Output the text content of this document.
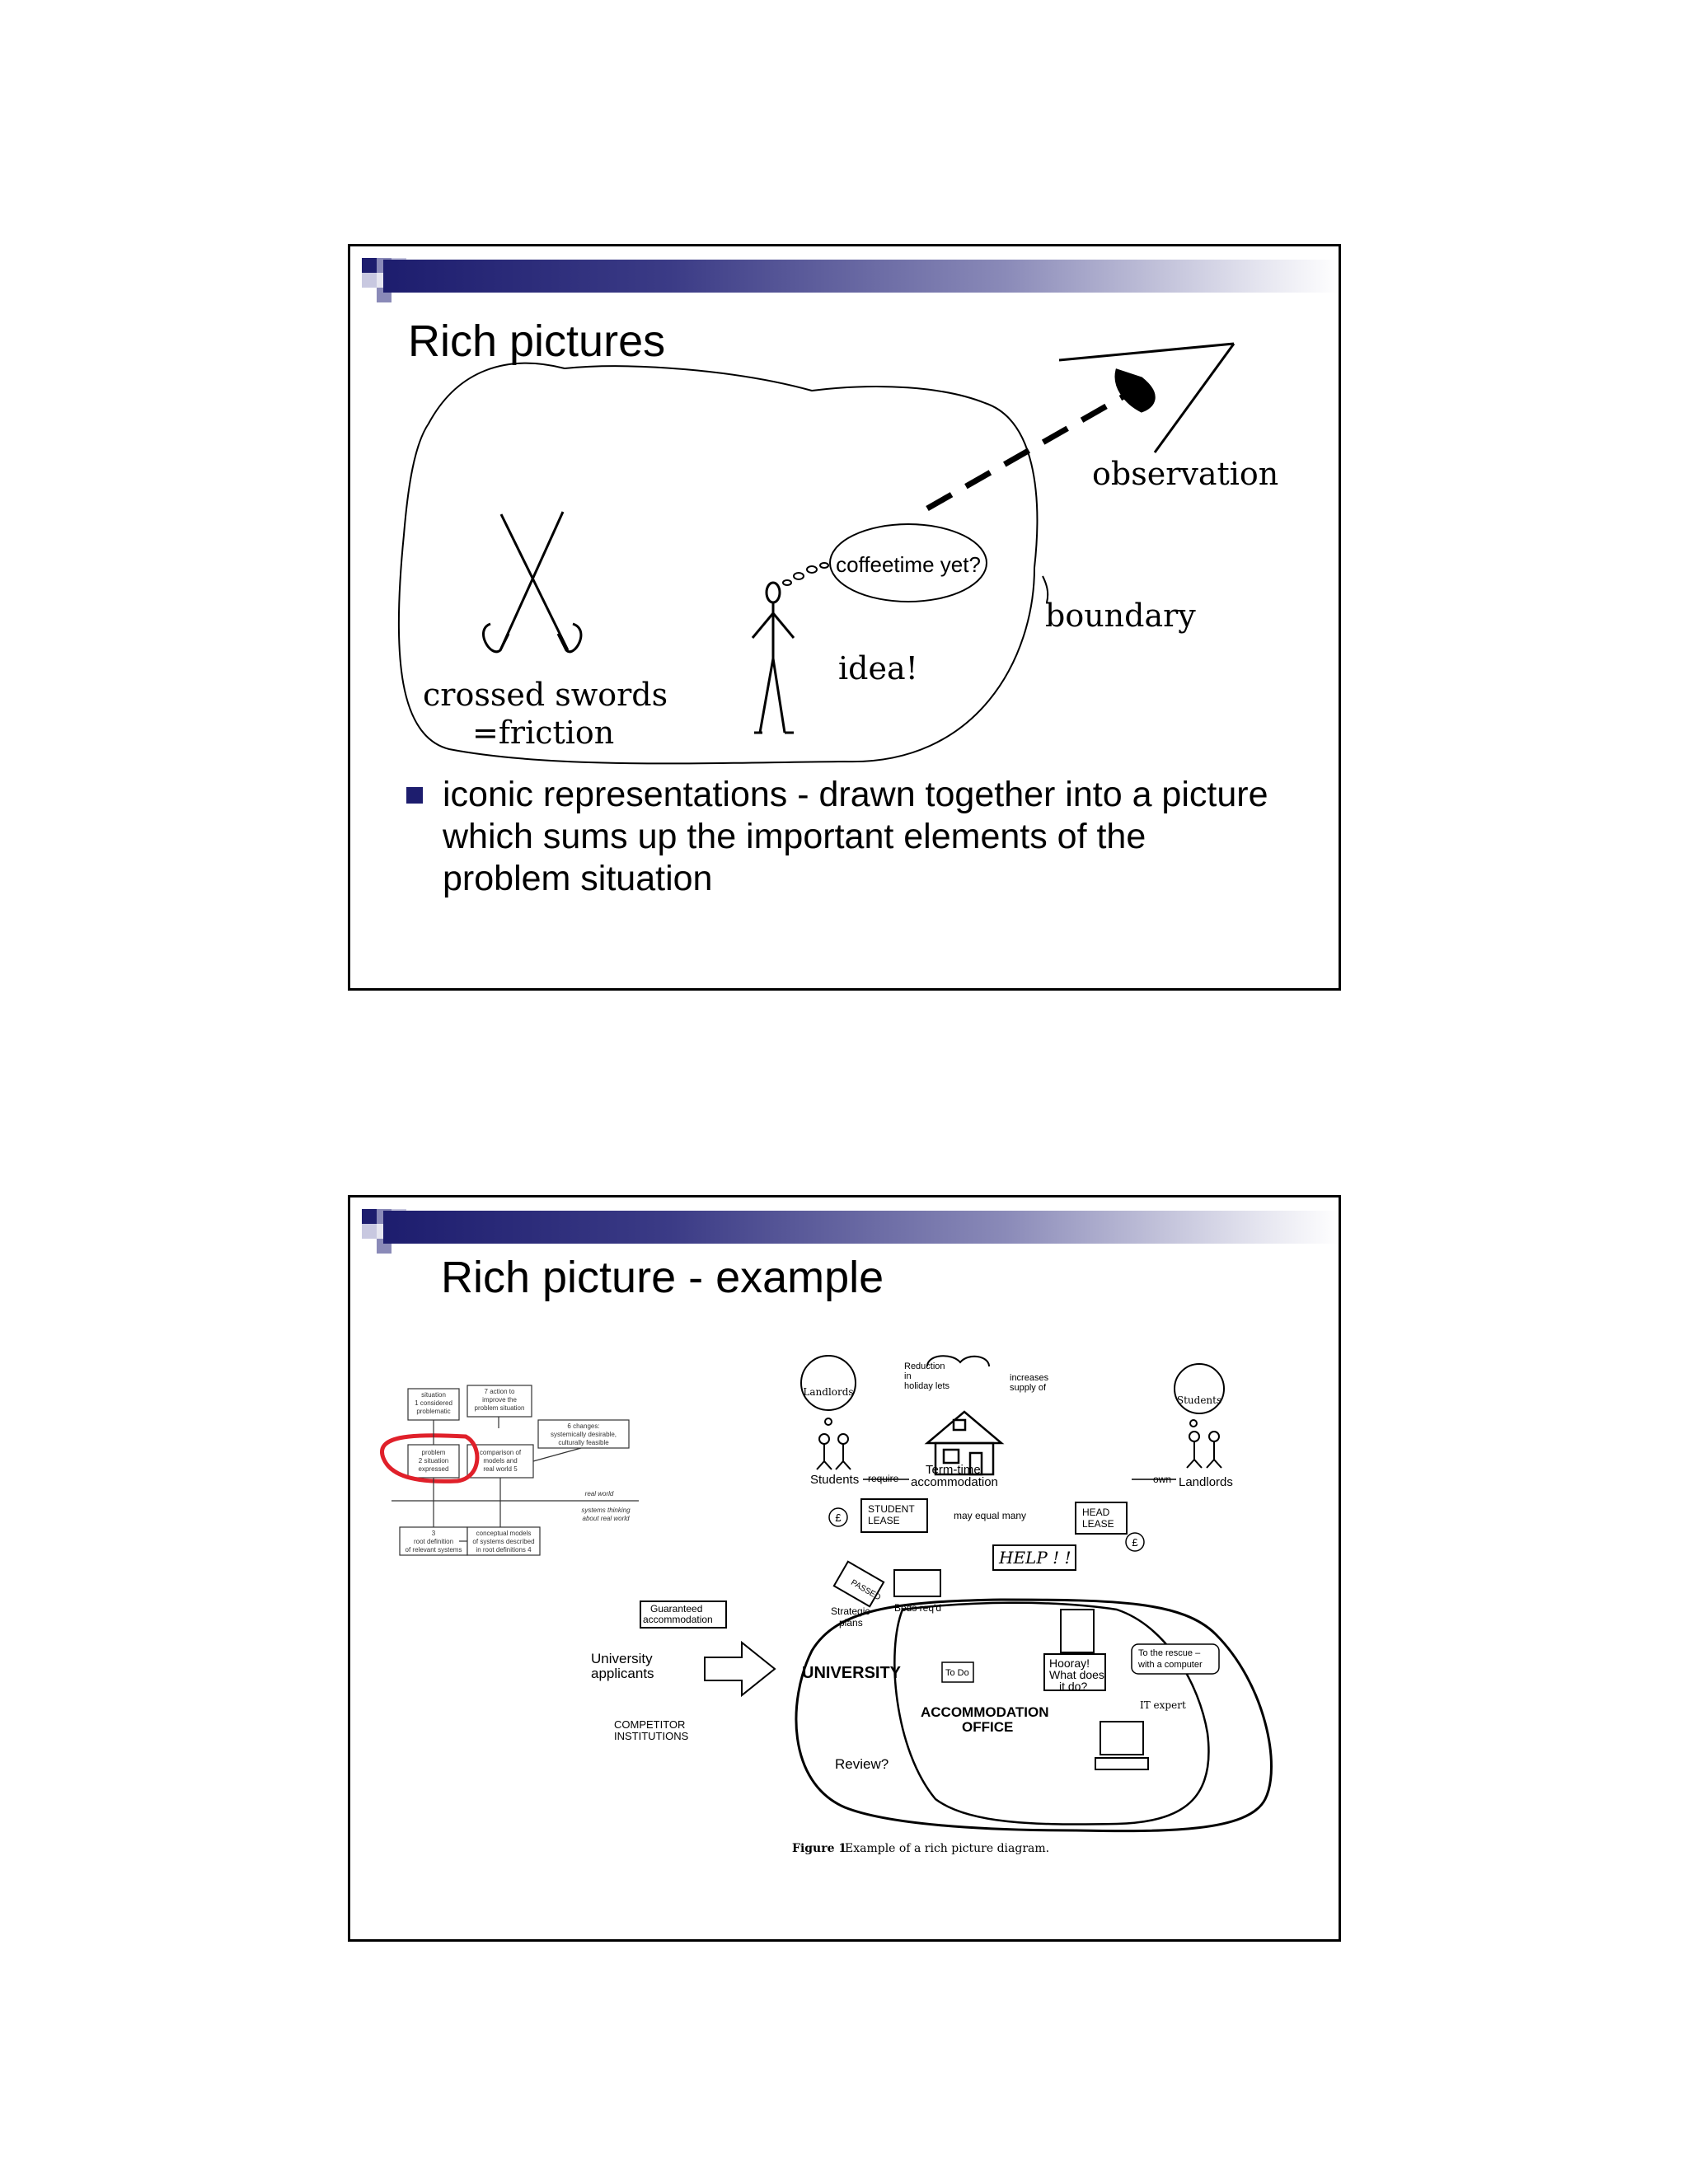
Rich pictures
coffeetime yet?
observation
boundary
idea!
crossed swords
=friction
iconic representations - drawn together into a picture which sums up the important elements of the problem situation
Rich picture - example
situation
1 considered
problematic
7 action to
improve the
problem situation
6 changes:
systemically desirable,
culturally feasible
problem
2 situation
expressed
comparison of
models and
real world 5
real world
systems thinking
about real world
3
root definition
of relevant systems
conceptual models
of systems described
in root definitions 4
Landlords
Reduction
in
holiday lets
increases
supply of
Students
Students
Term-time
accommodation	Landlords
require	own
may equal many
STUDENT
LEASE
HEAD
LEASE
£
£
HELP ! !
PASSED
Strategic
plans
Beds req'd
Guaranteed
accommodation
University
applicants	UNIVERSITY
COMPETITOR
INSTITUTIONS
To Do
Hooray!
What does
it do?
To the rescue –
with a computer
IT expert
ACCOMMODATION
OFFICE
Review?
Figure 1
Example of a rich picture diagram.
